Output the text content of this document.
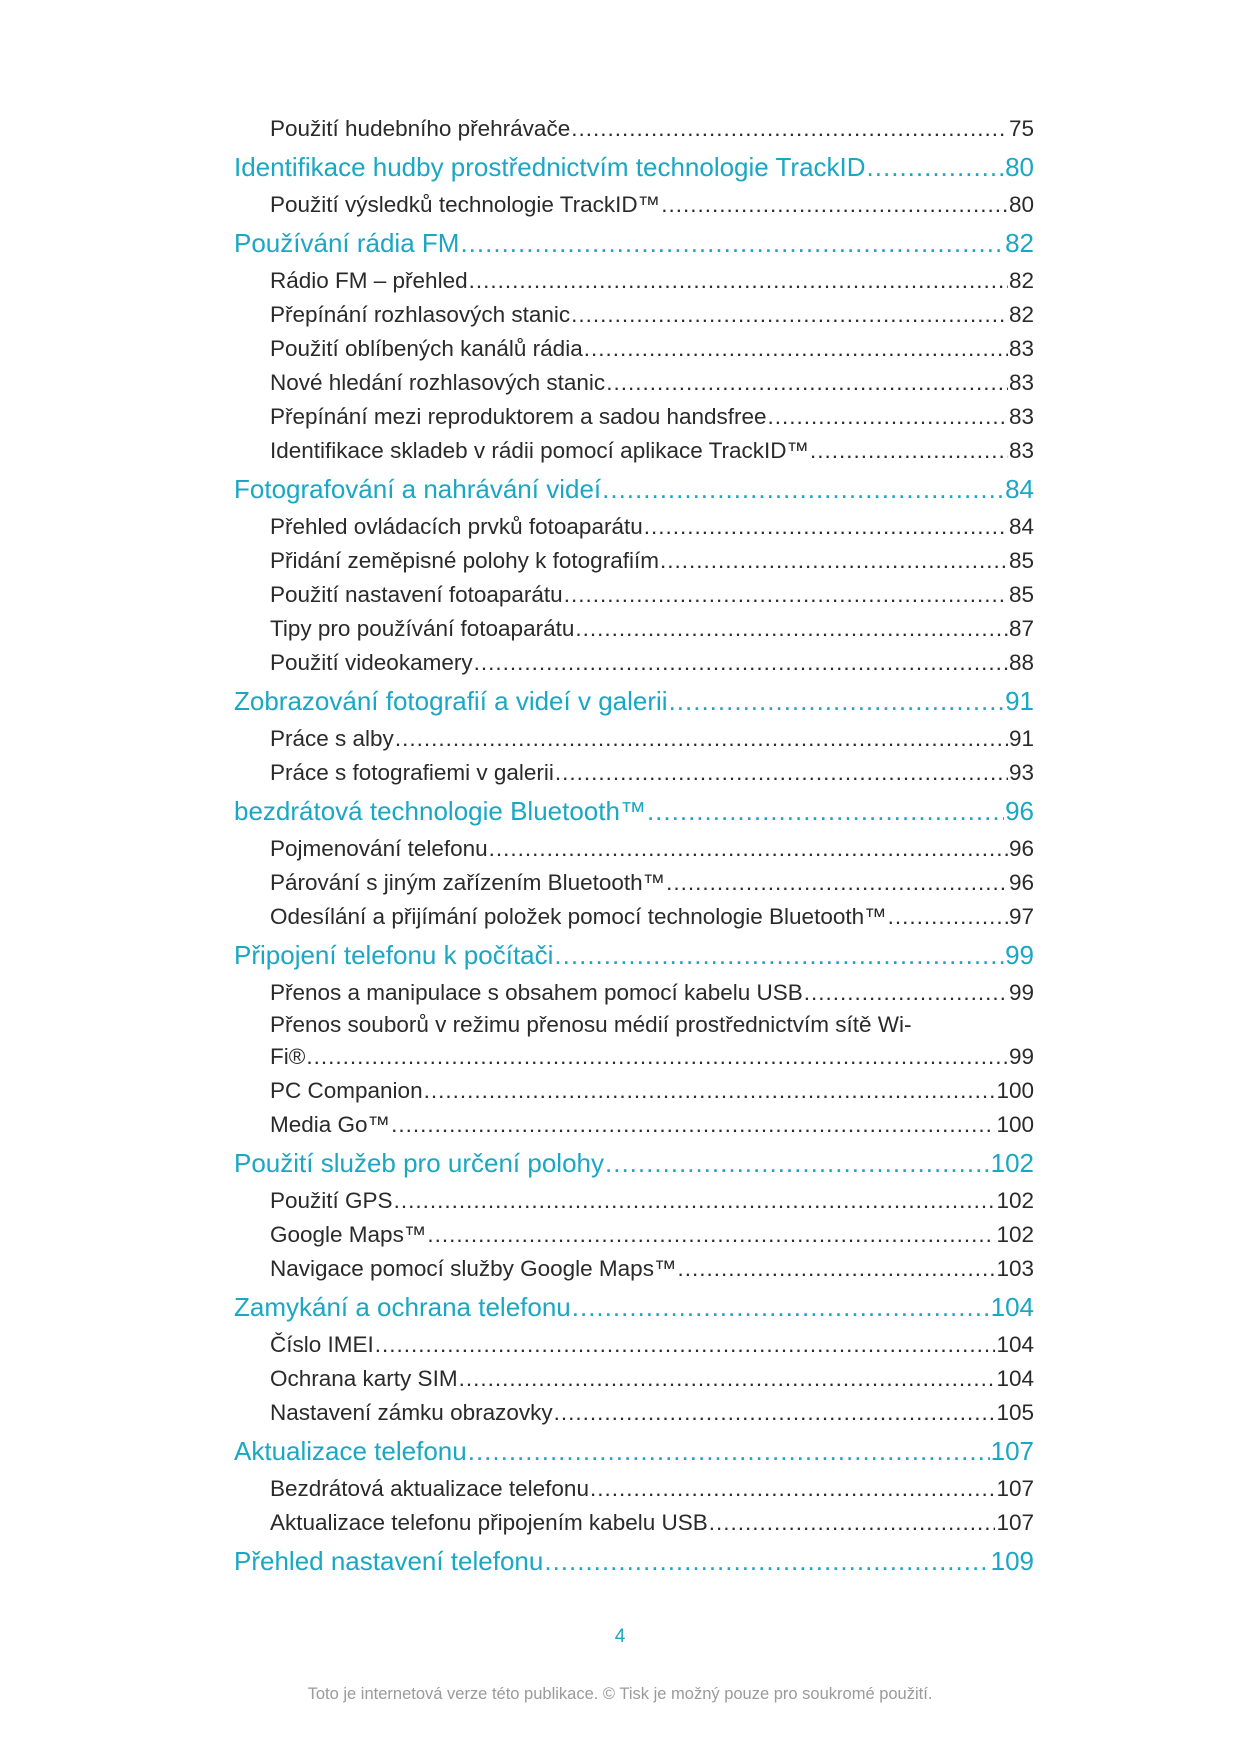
Použití hudebního přehrávače .....	75
Identifikace hudby prostřednictvím technologie TrackID .....	80
Použití výsledků technologie TrackID™ .....	80
Používání rádia FM .....	82
Rádio FM – přehled .....	82
Přepínání rozhlasových stanic .....	82
Použití oblíbených kanálů rádia .....	83
Nové hledání rozhlasových stanic .....	83
Přepínání mezi reproduktorem a sadou handsfree .....	83
Identifikace skladeb v rádii pomocí aplikace TrackID™ .....	83
Fotografování a nahrávání videí .....	84
Přehled ovládacích prvků fotoaparátu .....	84
Přidání zeměpisné polohy k fotografiím .....	85
Použití nastavení fotoaparátu .....	85
Tipy pro používání fotoaparátu .....	87
Použití videokamery .....	88
Zobrazování fotografií a videí v galerii .....	91
Práce s alby .....	91
Práce s fotografiemi v galerii .....	93
bezdrátová technologie Bluetooth™ .....	96
Pojmenování telefonu .....	96
Párování s jiným zařízením Bluetooth™ .....	96
Odesílání a přijímání položek pomocí technologie Bluetooth™ .....	97
Připojení telefonu k počítači .....	99
Přenos a manipulace s obsahem pomocí kabelu USB .....	99
Přenos souborů v režimu přenosu médií prostřednictvím sítě Wi-
Fi® .....	99
PC Companion .....	100
Media Go™ .....	100
Použití služeb pro určení polohy .....	102
Použití GPS .....	102
Google Maps™ .....	102
Navigace pomocí služby Google Maps™ .....	103
Zamykání a ochrana telefonu .....	104
Číslo IMEI .....	104
Ochrana karty SIM .....	104
Nastavení zámku obrazovky .....	105
Aktualizace telefonu .....	107
Bezdrátová aktualizace telefonu .....	107
Aktualizace telefonu připojením kabelu USB .....	107
Přehled nastavení telefonu .....	109
4
Toto je internetová verze této publikace. © Tisk je možný pouze pro soukromé použití.
